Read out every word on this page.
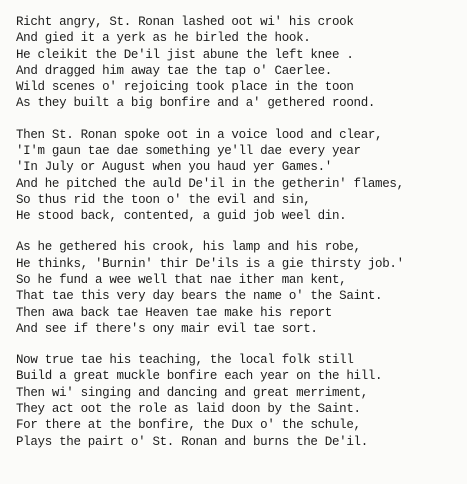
Richt angry, St. Ronan lashed oot wi' his crook
And gied it a yerk as he birled the hook.
He cleikit the De'il jist abune the left knee .
And dragged him away tae the tap o' Caerlee.
Wild scenes o' rejoicing took place in the toon
As they built a big bonfire and a' gethered roond.
Then St. Ronan spoke oot in a voice lood and clear,
'I'm gaun tae dae something ye'll dae every year
'In July or August when you haud yer Games.'
And he pitched the auld De'il in the getherin' flames,
So thus rid the toon o' the evil and sin,
He stood back, contented, a guid job weel din.
As he gethered his crook, his lamp and his robe,
He thinks, 'Burnin' thir De'ils is a gie thirsty job.'
So he fund a wee well that nae ither man kent,
That tae this very day bears the name o' the Saint.
Then awa back tae Heaven tae make his report
And see if there's ony mair evil tae sort.
Now true tae his teaching, the local folk still
Build a great muckle bonfire each year on the hill.
Then wi' singing and dancing and great merriment,
They act oot the role as laid doon by the Saint.
For there at the bonfire, the Dux o' the schule,
Plays the pairt o' St. Ronan and burns the De'il.
